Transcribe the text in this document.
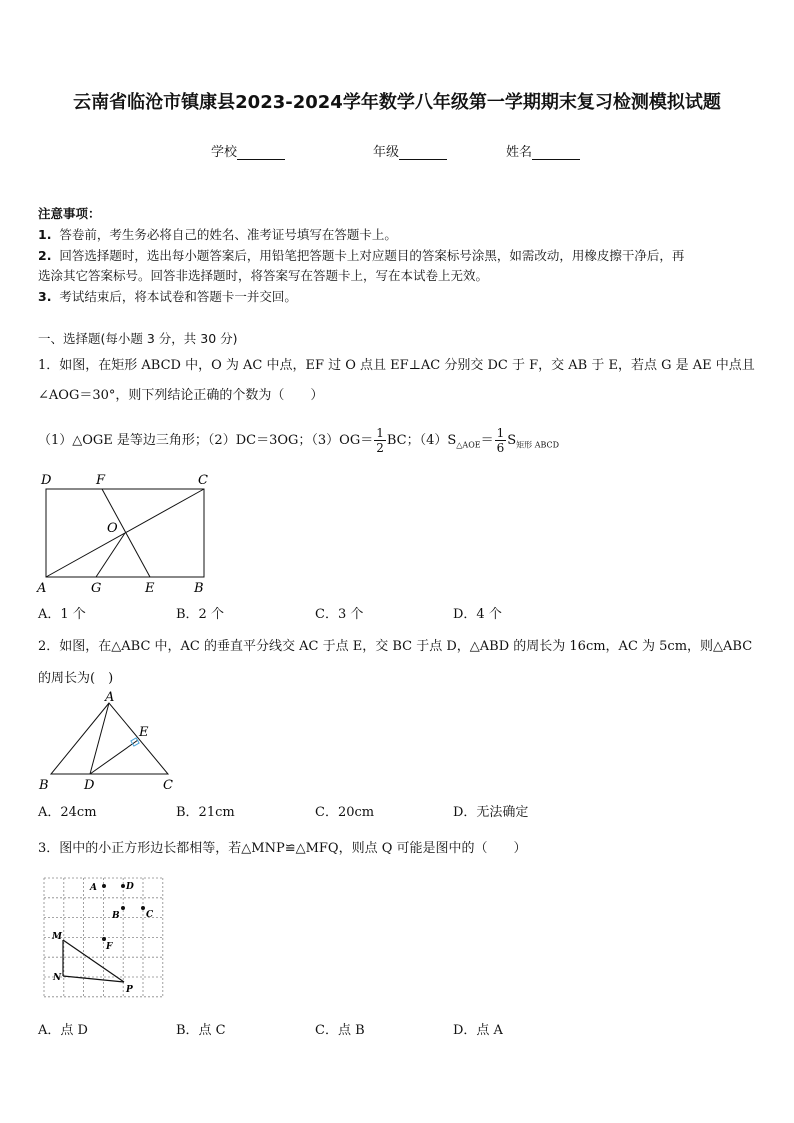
云南省临沧市镇康县2023-2024学年数学八年级第一学期期末复习检测模拟试题
学校	年级	姓名
注意事项：
1. 答卷前，考生务必将自己的姓名、准考证号填写在答题卡上。
2. 回答选择题时，选出每小题答案后，用铅笔把答题卡上对应题目的答案标号涂黑，如需改动，用橡皮擦干净后，再
选涂其它答案标号。回答非选择题时，将答案写在答题卡上，写在本试卷上无效。
3. 考试结束后，将本试卷和答题卡一并交回。
一、选择题(每小题 3 分，共 30 分)
1．如图，在矩形 ABCD 中，O 为 AC 中点，EF 过 O 点且 EF⊥AC 分别交 DC 于 F，交 AB 于 E，若点 G 是 AE 中点且
∠AOG＝30°，则下列结论正确的个数为（　　）
（1）△OGE 是等边三角形；（2）DC＝3OG；$(3)OG= \frac{1}{2}$ BC；$(4)S_{\triangle AOE}= \frac{1}{6} S_{矩形 ABCD}$
D	F	C
O
A	G	E	B
A．1 个	B．2 个	C．3 个	D．4 个
2．如图，在△ABC 中，AC 的垂直平分线交 AC 于点 E，交 BC 于点 D，△ABD 的周长为 16cm，AC 为 5cm，则△ABC
的周长为(　)
A
E
B	D	C
A．24cm	B．21cm	C．20cm	D．无法确定
3．图中的小正方形边长都相等，若△MNP≌△MFQ，则点 Q 可能是图中的（　　）
A	D
B	C
M
F
N
P
A．点 D	B．点 C	C．点 B	D．点 A
